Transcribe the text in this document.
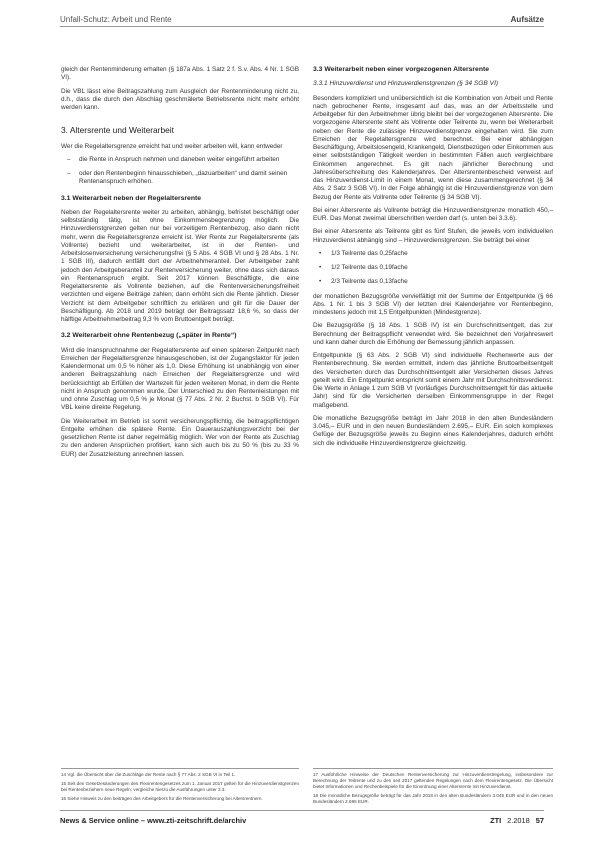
Unfall-Schutz: Arbeit und Rente	Aufsätze

gleich der Rentenminderung erhalten (§ 187a Abs. 1 Satz 2 f. S.v. Abs. 4 Nr. 1 SGB VI).

Die VBL lässt eine Beitragszahlung zum Ausgleich der Rentenminderung nicht zu, d.h., dass die durch den Abschlag geschmälerte Betriebsrente nicht mehr erhöht werden kann.

3. Altersrente und Weiterarbeit

Wer die Regelaltersgrenze erreicht hat und weiter arbeiten will, kann entweder

– die Rente in Anspruch nehmen und daneben weiter eingeführt arbeiten
– oder den Rentenbeginn hinausschieben, „dazuarbeiten“ und damit seinen Rentenanspruch erhöhen.
3.1 Weiterarbeit neben der Regelaltersrente

Neben der Regelaltersrente weiter zu arbeiten, abhängig, befristet beschäftigt oder selbstständig tätig, ist ohne Einkommensbegrenzung möglich. Die Hinzuverdienstgrenzen gelten nur bei vorzeitigem Rentenbezug, also dann nicht mehr, wenn die Regelaltersgrenze erreicht ist. Wer Rente zur Regelaltersrente (als Vollrente) bezieht und weiterarbeitet, ist in der Renten- und Arbeitslosenversicherung versicherungsfrei (§ 5 Abs. 4 SGB VI und § 28 Abs. 1 Nr. 1 SGB III), dadurch entfällt dort der Arbeitnehmeranteil. Der Arbeitgeber zahlt jedoch den Arbeitgeberanteil zur Rentenversicherung weiter, ohne dass sich daraus ein Rentenanspruch ergibt. Seit 2017 können Beschäftigte, die eine Regelaltersrente als Vollrente beziehen, auf die Rentenversicherungsfreiheit verzichten und eigene Beiträge zahlen; dann erhöht sich die Rente jährlich. Dieser Verzicht ist dem Arbeitgeber schriftlich zu erklären und gilt für die Dauer der Beschäftigung. Ab 2018 und 2019 beträgt der Beitragssatz 18,6 %, so dass der hälftige Arbeitnehmerbeitrag 9,3 % vom Bruttoentgelt beträgt.

3.2 Weiterarbeit ohne Rentenbezug („später in Rente“)

Wird die Inanspruchnahme der Regelaltersrente auf einen späteren Zeitpunkt nach Erreichen der Regelaltersgrenze hinausgeschoben, ist der Zugangsfaktor für jeden Kalendermonat um 0,5 % höher als 1,0. Diese Erhöhung ist unabhängig von einer anderen Beitragszahlung nach Erreichen der Regelaltersgrenze und wird berücksichtigt ab Erfüllen der Wartezeit für jeden weiteren Monat, in dem die Rente nicht in Anspruch genommen wurde. Der Unterschied zu den Rentenleistungen mit und ohne Zuschlag um 0,5 % je Monat (§ 77 Abs. 2 Nr. 2 Buchst. b SGB VI). Für VBL keine direkte Regelung.

Die Weiterarbeit im Betrieb ist somit versicherungspflichtig, die beitragspflichtigen Entgelte erhöhen die spätere Rente. Ein Dauerauszahlungsverzicht bei der gesetzlichen Rente ist daher regelmäßig möglich. Wer von der Rente als Zuschlag zu den anderen Ansprüchen profitiert, kann sich auch bis zu 50 % (bis zu 33 % EUR) der Zusatzleistung anrechnen lassen.

3.3 Weiterarbeit neben einer vorgezogenen Altersrente
3.3.1 Hinzuverdienst und Hinzuverdienstgrenzen (§ 34 SGB VI)

Besonders kompliziert und unübersichtlich ist die Kombination von Arbeit und Rente nach gebrochener Rente, insgesamt auf das, was an der Arbeitsstelle und Arbeitgeber für den Arbeitnehmer übrig bleibt bei der vorgezogenen Altersrente. Die vorgezogene Altersrente steht als Vollrente oder Teilrente zu, wenn bei Weiterarbeit neben der Rente die zulässige Hinzuverdienstgrenze eingehalten wird. Sie zum Erreichen der Regelaltersgrenze wird berechnet. Bei einer abhängigen Beschäftigung, Arbeitslosengeld, Krankengeld, Dienstbezügen oder Einkommen aus einer selbstständigen Tätigkeit werden in bestimmten Fällen auch vergleichbare Einkommen angerechnet. Es gilt nach jährlicher Berechnung und Jahresüberschreitung des Kalenderjahres. Der Altersrentenbescheid verweist auf das Hinzuverdienst-Limit in einem Monat, wenn diese zusammengerechnet (§ 34 Abs. 2 Satz 3 SGB VI). In der Folge abhängig ist die Hinzuverdienstgrenze von dem Bezug der Rente als Vollrente oder Teilrente (§ 34 SGB VI).

Bei einer Altersrente als Vollrente beträgt die Hinzuverdienstgrenze monatlich 450,– EUR. Das Monat zweimal überschritten werden darf (s. unten bei 3.3.6).

Bei einer Altersrente als Teilrente gibt es fünf Stufen, die jeweils vom individuellen Hinzuverdienst abhängig sind – Hinzuverdienstgrenzen. Sie beträgt bei einer

• 1/3 Teilrente das 0,25fache
• 1/2 Teilrente das 0,19fache
• 2/3 Teilrente das 0,13fache

der monatlichen Bezugsgröße vervielfältigt mit der Summe der Entgeltpunkte (§ 66 Abs. 1 Nr. 1 bis 3 SGB VI) der letzten drei Kalenderjahre vor Rentenbeginn, mindestens jedoch mit 1,5 Entgeltpunkten (Mindestgrenze).

Die Bezugsgröße (§ 18 Abs. 1 SGB IV) ist ein Durchschnittsentgelt, das zur Berechnung der Beitragspflicht verwendet wird. Sie bezeichnet den Vorjahreswert und kann daher durch die Erhöhung der Bemessung jährlich anpassen.

Entgeltpunkte (§ 63 Abs. 2 SGB VI) sind individuelle Rechenwerte aus der Rentenberechnung. Sie werden ermittelt, indem das jährliche Bruttoarbeitsentgelt des Versicherten durch das Durchschnittsentgelt aller Versicherten dieses Jahres geteilt wird. Ein Entgeltpunkt entspricht somit einem Jahr mit Durchschnittsverdienst. Die Werte in Anlage 1 zum SGB VI (vorläufiges Durchschnittsentgelt für das aktuelle Jahr) sind für die Versicherten derselben Einkommensgruppe in der Regel maßgebend.

Die monatliche Bezugsgröße beträgt im Jahr 2018 in den alten Bundesländern 3.045,– EUR und in den neuen Bundesländern 2.695,– EUR. Ein solch komplexes Gefüge der Bezugsgröße jeweils zu Beginn eines Kalenderjahres, dadurch erhöht sich die individuelle Hinzuverdienstgrenze gleichzeitig.

14 Vgl. die Übersicht über die Zuschläge der Rente nach § 77 Abs. 2 SGB VI in Teil 1.

15 Seit den Gesetzesänderungen des Flexirentengesetzes zum 1. Januar 2017 gelten für die Hinzuverdienstgrenzen bei Rentenbeziehern neue Regeln; vergleiche hierzu die Ausführungen unter 3.3.

16 Siehe Hinweis zu den beiträgen des Arbeitgebers für die Rentenversicherung bei Altersrentnern.

17 Ausführliche Hinweise der Deutschen Rentenversicherung zur Hinzuverdienstregelung, insbesondere zur Berechnung der Teilrente und zu den seit 2017 geltenden Regelungen nach dem Flexirentengesetz. Die Übersicht bietet Informationen und Rechenbeispiele für die Einordnung einer Altersrente mit Hinzuverdienst.

18 Die monatliche Bezugsgröße beträgt für das Jahr 2018 in den alten Bundesländern 3.045 EUR und in den neuen Bundesländern 2.695 EUR.

News & Service online – www.zti-zeitschrift.de/archiv	ZTI 2.2018 57
